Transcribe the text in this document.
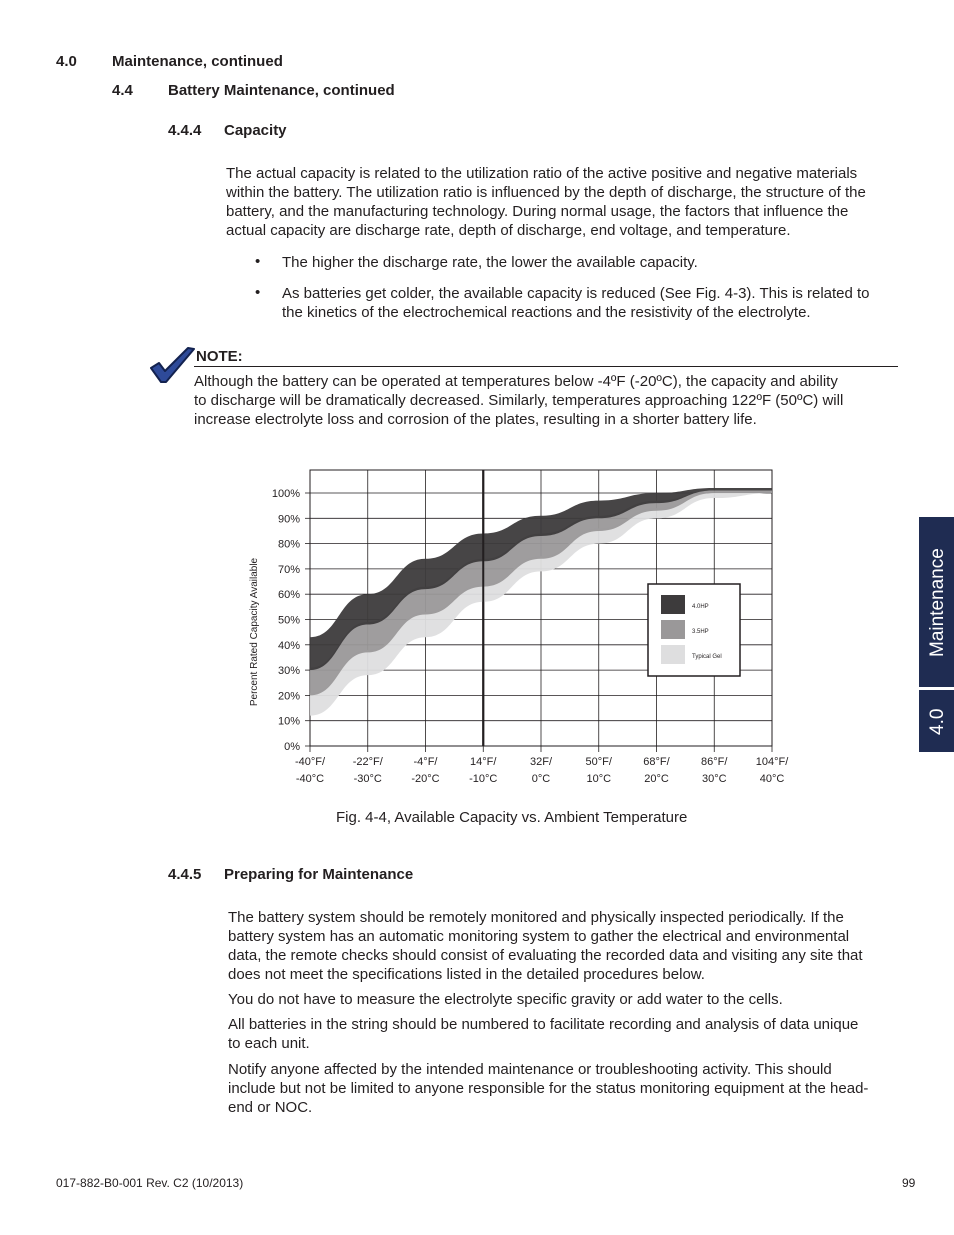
4.0 Maintenance, continued
4.4 Battery Maintenance, continued
4.4.4 Capacity
The actual capacity is related to the utilization ratio of the active positive and negative materials
within the battery. The utilization ratio is influenced by the depth of discharge, the structure of the
battery, and the manufacturing technology. During normal usage, the factors that influence the
actual capacity are discharge rate, depth of discharge, end voltage, and temperature.
• The higher the discharge rate, the lower the available capacity.
• As batteries get colder, the available capacity is reduced (See Fig. 4-3). This is related to
the kinetics of the electrochemical reactions and the resistivity of the electrolyte.
NOTE:
Although the battery can be operated at temperatures below -4ºF (-20ºC), the capacity and ability
to discharge will be dramatically decreased. Similarly, temperatures approaching 122ºF (50ºC) will
increase electrolyte loss and corrosion of the plates, resulting in a shorter battery life.
0%
10%
20%
30%
40%
50%
60%
70%
80%
90%
100%
-40°F/
-40°C
-22°F/
-30°C
-4°F/
-20°C
14°F/
-10°C
32F/
0°C
50°F/
10°C
68°F/
20°C
86°F/
30°C
104°F/
40°C
Percent Rated Capacity Available	4.0HP
3.5HP
Typical Gel
Fig. 4-4, Available Capacity vs. Ambient Temperature
4.4.5 Preparing for Maintenance
The battery system should be remotely monitored and physically inspected periodically. If the
battery system has an automatic monitoring system to gather the electrical and environmental
data, the remote checks should consist of evaluating the recorded data and visiting any site that
does not meet the specifications listed in the detailed procedures below.
You do not have to measure the electrolyte specific gravity or add water to the cells.
All batteries in the string should be numbered to facilitate recording and analysis of data unique
to each unit.
Notify anyone affected by the intended maintenance or troubleshooting activity. This should
include but not be limited to anyone responsible for the status monitoring equipment at the head-
end or NOC.
Maintenance
4.0
017-882-B0-001 Rev. C2 (10/2013)	99
